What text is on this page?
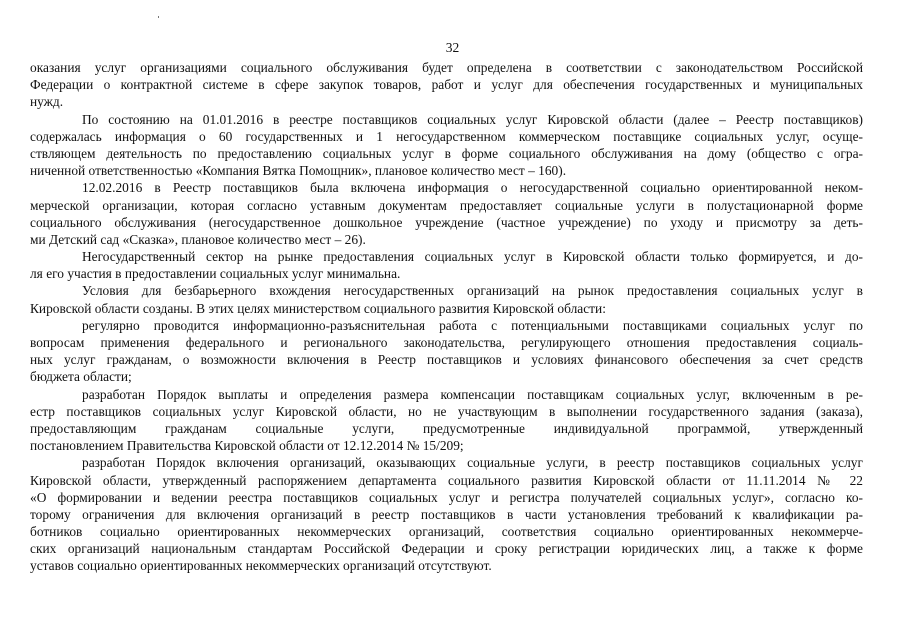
32
оказания услуг организациями социального обслуживания будет определена в соответствии с законодательством Российской
Федерации о контрактной системе в сфере закупок товаров, работ и услуг для обеспечения государственных и муниципальных
нужд.
По состоянию на 01.01.2016 в реестре поставщиков социальных услуг Кировской области (далее – Реестр поставщиков)
содержалась информация о 60 государственных и 1 негосударственном коммерческом поставщике социальных услуг, осуще-
ствляющем деятельность по предоставлению социальных услуг в форме социального обслуживания на дому (общество с огра-
ниченной ответственностью «Компания Вятка Помощник», плановое количество мест – 160).
12.02.2016 в Реестр поставщиков была включена информация о негосударственной социально ориентированной неком-
мерческой организации, которая согласно уставным документам предоставляет социальные услуги в полустационарной форме
социального обслуживания (негосударственное дошкольное учреждение (частное учреждение) по уходу и присмотру за деть-
ми Детский сад «Сказка», плановое количество мест – 26).
Негосударственный сектор на рынке предоставления социальных услуг в Кировской области только формируется, и до-
ля его участия в предоставлении социальных услуг минимальна.
Условия для безбарьерного вхождения негосударственных организаций на рынок предоставления социальных услуг в
Кировской области созданы. В этих целях министерством социального развития Кировской области:
регулярно проводится информационно-разъяснительная работа с потенциальными поставщиками социальных услуг по
вопросам применения федерального и регионального законодательства, регулирующего отношения предоставления социаль-
ных услуг гражданам, о возможности включения в Реестр поставщиков и условиях финансового обеспечения за счет средств
бюджета области;
разработан Порядок выплаты и определения размера компенсации поставщикам социальных услуг, включенным в ре-
естр поставщиков социальных услуг Кировской области, но не участвующим в выполнении государственного задания (заказа),
предоставляющим гражданам социальные услуги, предусмотренные индивидуальной программой, утвержденный
постановлением Правительства Кировской области от 12.12.2014 № 15/209;
разработан Порядок включения организаций, оказывающих социальные услуги, в реестр поставщиков социальных услуг
Кировской области, утвержденный распоряжением департамента социального развития Кировской области от 11.11.2014 № 22
«О формировании и ведении реестра поставщиков социальных услуг и регистра получателей социальных услуг», согласно ко-
торому ограничения для включения организаций в реестр поставщиков в части установления требований к квалификации ра-
ботников социально ориентированных некоммерческих организаций, соответствия социально ориентированных некоммерче-
ских организаций национальным стандартам Российской Федерации и сроку регистрации юридических лиц, а также к форме
уставов социально ориентированных некоммерческих организаций отсутствуют.
